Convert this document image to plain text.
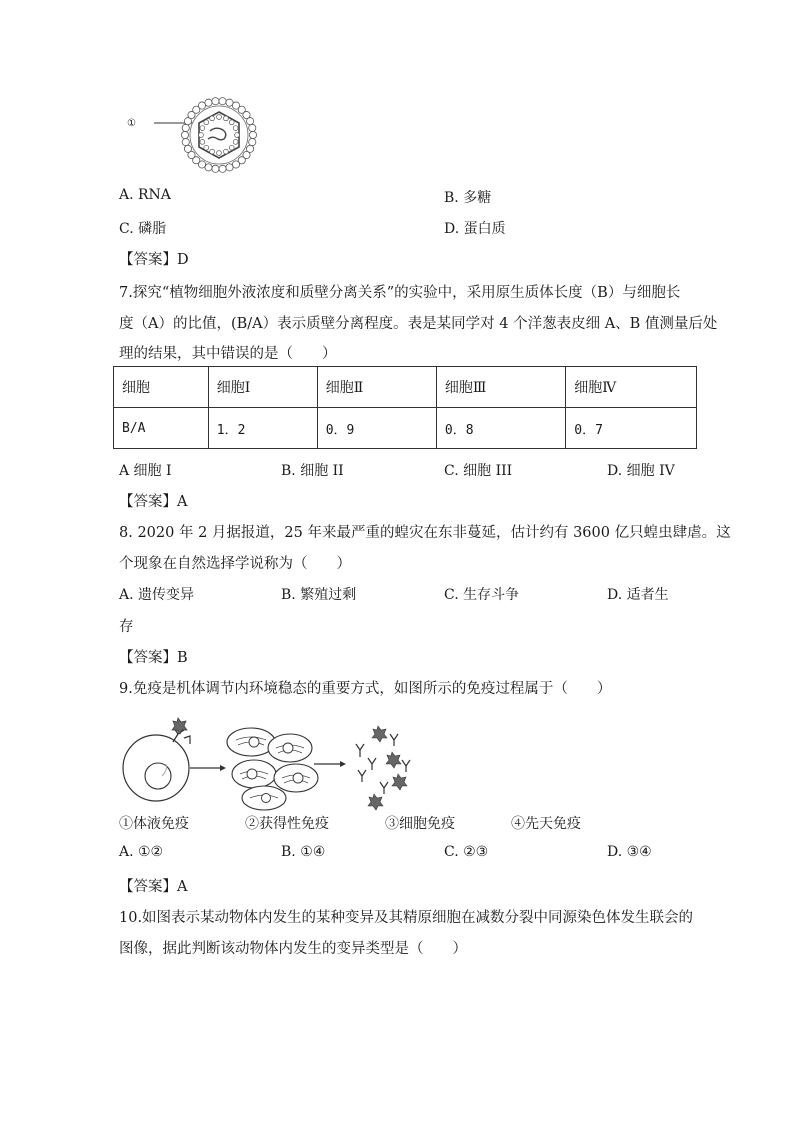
①
A. RNA	B. 多糖
C. 磷脂	D. 蛋白质
【答案】D
7.探究“植物细胞外液浓度和质壁分离关系”的实验中，采用原生质体长度（B）与细胞长
度（A）的比值，(B/A）表示质壁分离程度。表是某同学对 4 个洋葱表皮细 A、B 值测量后处
理的结果，其中错误的是（　　）
细胞	细胞Ⅰ	细胞Ⅱ	细胞Ⅲ	细胞Ⅳ
B/A	1．2	0．9	0．8	0．7
A 细胞 I	B. 细胞 II	C. 细胞 III	D. 细胞 IV
【答案】A
8. 2020 年 2 月据报道，25 年来最严重的蝗灾在东非蔓延，估计约有 3600 亿只蝗虫肆虐。这
个现象在自然选择学说称为（　　）
A. 遗传变异	B. 繁殖过剩	C. 生存斗争	D. 适者生
存
【答案】B
9.免疫是机体调节内环境稳态的重要方式，如图所示的免疫过程属于（　　）
①体液免疫	②获得性免疫	③细胞免疫	④先天免疫
A. ①②	B. ①④	C. ②③	D. ③④
【答案】A
10.如图表示某动物体内发生的某种变异及其精原细胞在减数分裂中同源染色体发生联会的
图像，据此判断该动物体内发生的变异类型是（　　）
